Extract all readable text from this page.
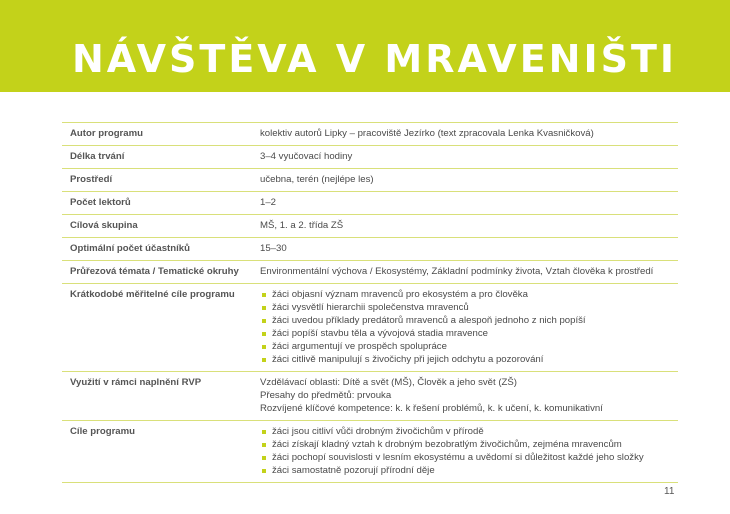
NÁVŠTĚVA V MRAVENIŠTI
Autor programu	kolektiv autorů Lipky – pracoviště Jezírko (text zpracovala Lenka Kvasničková)
Délka trvání	3–4 vyučovací hodiny
Prostředí	učebna, terén (nejlépe les)
Počet lektorů	1–2
Cílová skupina	MŠ, 1. a 2. třída ZŠ
Optimální počet účastníků	15–30
Průřezová témata / Tematické okruhy	Environmentální výchova / Ekosystémy, Základní podmínky života, Vztah člověka k prostředí
Krátkodobé měřitelné cíle programu	žáci objasní význam mravenců pro ekosystém a pro člověka
žáci vysvětlí hierarchii společenstva mravenců
žáci uvedou příklady predátorů mravenců a alespoň jednoho z nich popíší
žáci popíší stavbu těla a vývojová stadia mravence
žáci argumentují ve prospěch spolupráce
žáci citlivě manipulují s živočichy při jejich odchytu a pozorování
Využití v rámci naplnění RVP	Vzdělávací oblasti: Dítě a svět (MŠ), Člověk a jeho svět (ZŠ)
Přesahy do předmětů: prvouka
Rozvíjené klíčové kompetence: k. k řešení problémů, k. k učení, k. komunikativní
Cíle programu	žáci jsou citliví vůči drobným živočichům v přírodě
žáci získají kladný vztah k drobným bezobratlým živočichům, zejména mravencům
žáci pochopí souvislosti v lesním ekosystému a uvědomí si důležitost každé jeho složky
žáci samostatně pozorují přírodní děje
11
